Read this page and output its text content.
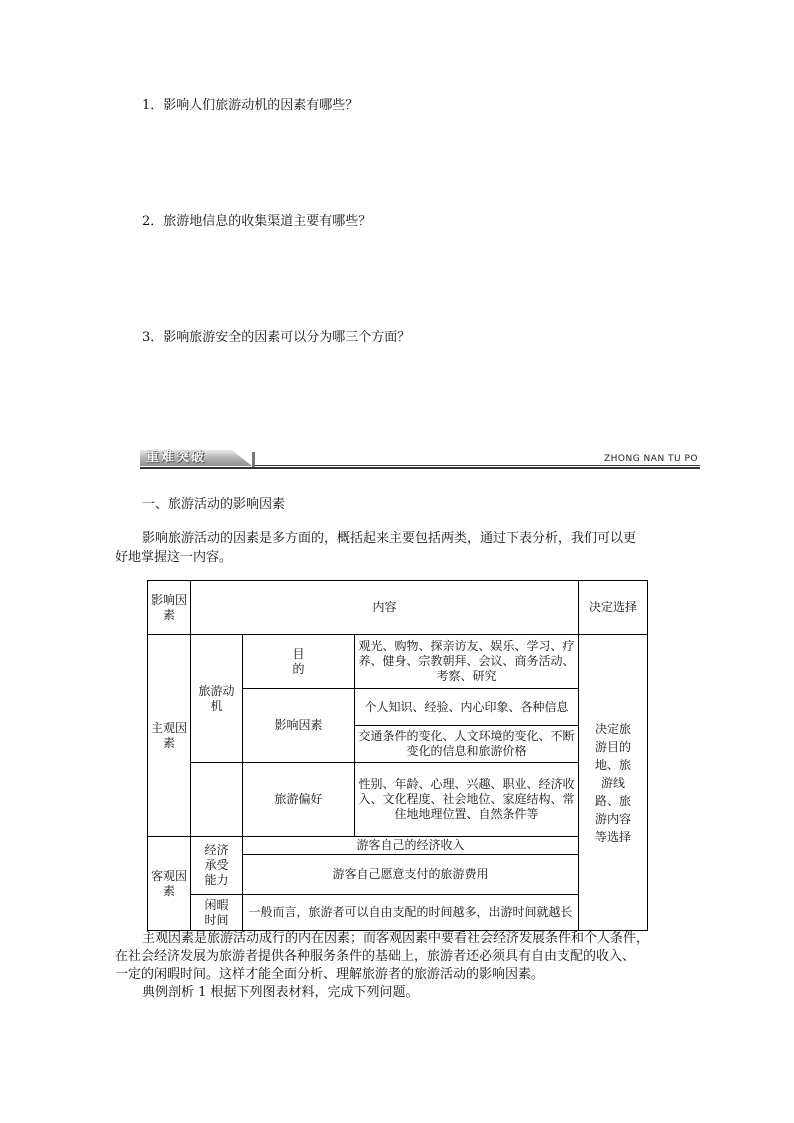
1．影响人们旅游动机的因素有哪些？
2．旅游地信息的收集渠道主要有哪些？
3．影响旅游安全的因素可以分为哪三个方面？
重难突破	ZHONG NAN TU PO
一、旅游活动的影响因素
影响旅游活动的因素是多方面的，概括起来主要包括两类，通过下表分析，我们可以更
好地掌握这一内容。
影响因素	内容			决定选择
主观因素	旅游动机	目的	观光、购物、探亲访友、娱乐、学习、疗养、健身、宗教朝拜、会议、商务活动、考察、研究	决定旅游目的地、旅游线路、旅游内容等选择
		影响因素	个人知识、经验、内心印象、各种信息	
			交通条件的变化、人文环境的变化、不断变化的信息和旅游价格	
		旅游偏好	性别、年龄、心理、兴趣、职业、经济收入、文化程度、社会地位、家庭结构、常住地地理位置、自然条件等	
客观因素	经济承受能力	游客自己的经济收入		
		游客自己愿意支付的旅游费用		
	闲暇时间	一般而言，旅游者可以自由支配的时间越多，出游时间就越长		
主观因素是旅游活动成行的内在因素；而客观因素中要看社会经济发展条件和个人条件，
在社会经济发展为旅游者提供各种服务条件的基础上，旅游者还必须具有自由支配的收入、
一定的闲暇时间。这样才能全面分析、理解旅游者的旅游活动的影响因素。
典例剖析 1 根据下列图表材料，完成下列问题。
